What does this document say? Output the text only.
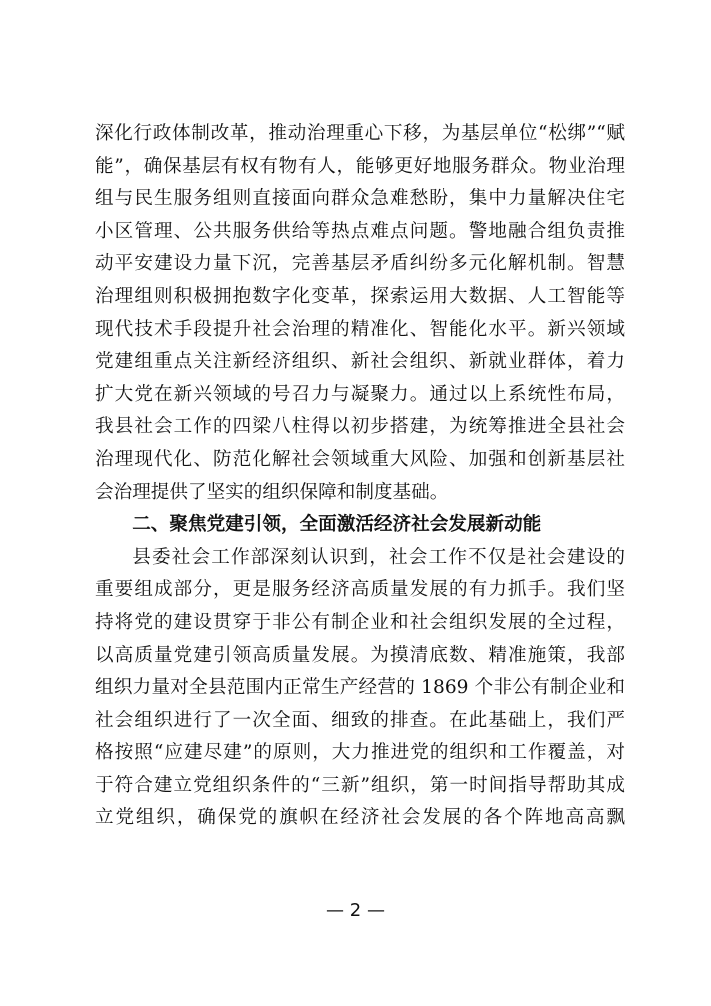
深化行政体制改革，推动治理重心下移，为基层单位“松绑”“赋
能”，确保基层有权有物有人，能够更好地服务群众。物业治理
组与民生服务组则直接面向群众急难愁盼，集中力量解决住宅
小区管理、公共服务供给等热点难点问题。警地融合组负责推
动平安建设力量下沉，完善基层矛盾纠纷多元化解机制。智慧
治理组则积极拥抱数字化变革，探索运用大数据、人工智能等
现代技术手段提升社会治理的精准化、智能化水平。新兴领域
党建组重点关注新经济组织、新社会组织、新就业群体，着力
扩大党在新兴领域的号召力与凝聚力。通过以上系统性布局，
我县社会工作的四梁八柱得以初步搭建，为统筹推进全县社会
治理现代化、防范化解社会领域重大风险、加强和创新基层社
会治理提供了坚实的组织保障和制度基础。
二、聚焦党建引领，全面激活经济社会发展新动能
县委社会工作部深刻认识到，社会工作不仅是社会建设的
重要组成部分，更是服务经济高质量发展的有力抓手。我们坚
持将党的建设贯穿于非公有制企业和社会组织发展的全过程，
以高质量党建引领高质量发展。为摸清底数、精准施策，我部
组织力量对全县范围内正常生产经营的 1869 个非公有制企业和
社会组织进行了一次全面、细致的排查。在此基础上，我们严
格按照“应建尽建”的原则，大力推进党的组织和工作覆盖，对
于符合建立党组织条件的“三新”组织，第一时间指导帮助其成
立党组织，确保党的旗帜在经济社会发展的各个阵地高高飘
— 2 —
